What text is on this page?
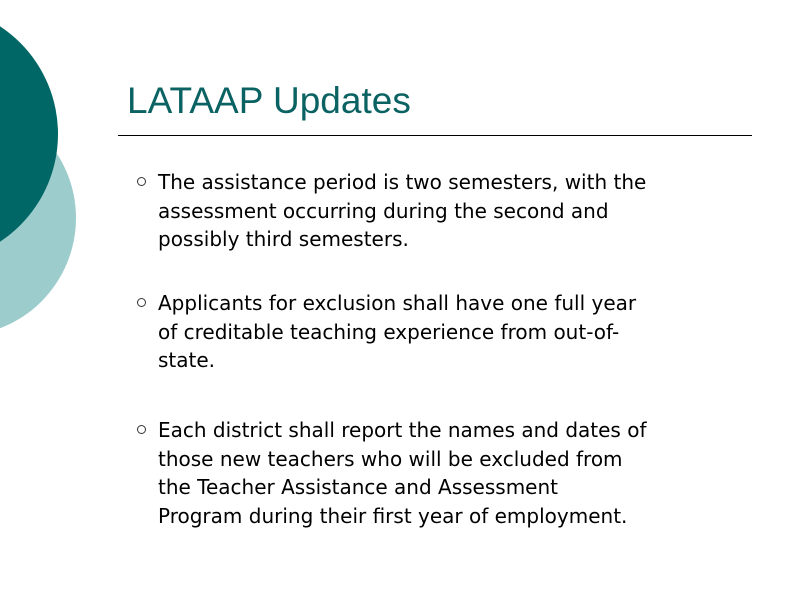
LATAAP Updates
The assistance period is two semesters, with the
assessment occurring during the second and
possibly third semesters.
Applicants for exclusion shall have one full year
of creditable teaching experience from out-of-
state.
Each district shall report the names and dates of
those new teachers who will be excluded from
the Teacher Assistance and Assessment
Program during their first year of employment.
